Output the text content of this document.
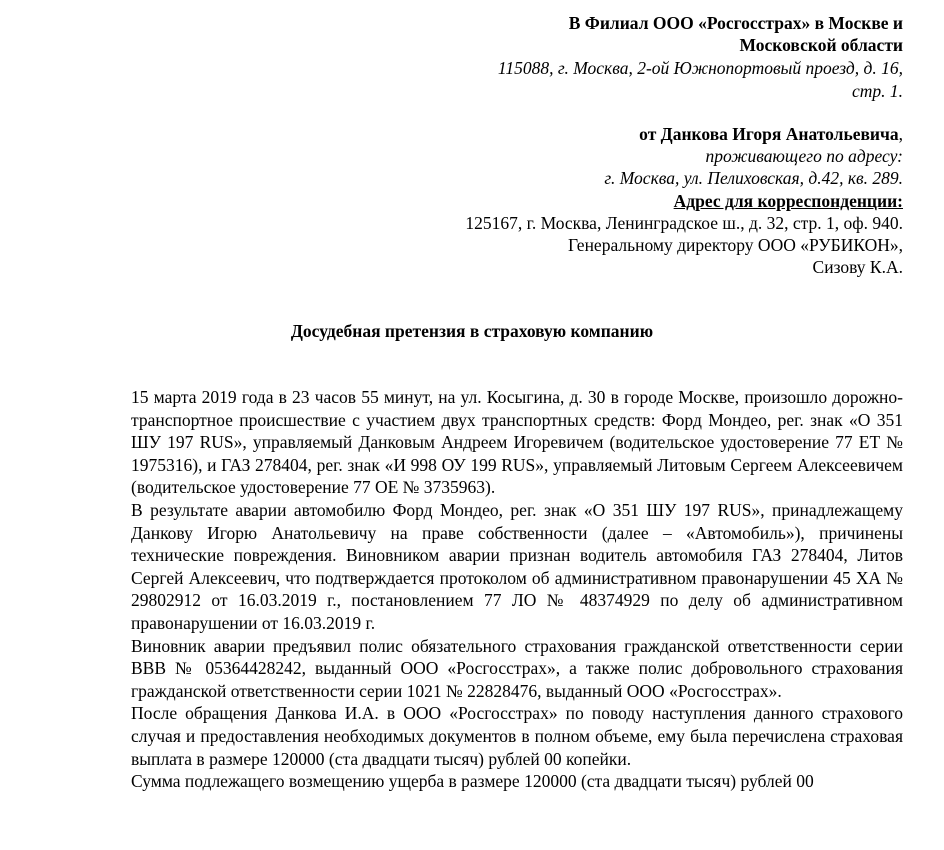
В Филиал ООО «Росгосстрах» в Москве и
Московской области
115088, г. Москва, 2-ой Южнопортовый проезд, д. 16,
стр. 1.
от Данкова Игоря Анатольевича,
проживающего по адресу:
г. Москва, ул. Пелиховская, д.42, кв. 289.
Адрес для корреспонденции:
125167, г. Москва, Ленинградское ш., д. 32, стр. 1, оф. 940.
Генеральному директору ООО «РУБИКОН»,
Сизову К.А.
Досудебная претензия в страховую компанию

15 марта 2019 года в 23 часов 55 минут, на ул. Косыгина, д. 30 в городе Москве, произошло дорожно-транспортное происшествие с участием двух транспортных средств: Форд Мондео, рег. знак «О 351 ШУ 197 RUS», управляемый Данковым Андреем Игоревичем (водительское удостоверение 77 ЕТ № 1975316), и ГАЗ 278404, рег. знак «И 998 ОУ 199 RUS», управляемый Литовым Сергеем Алексеевичем (водительское удостоверение 77 ОЕ № 3735963).

В результате аварии автомобилю Форд Мондео, рег. знак «О 351 ШУ 197 RUS», принадлежащему Данкову Игорю Анатольевичу на праве собственности (далее – «Автомобиль»), причинены технические повреждения. Виновником аварии признан водитель автомобиля ГАЗ 278404, Литов Сергей Алексеевич, что подтверждается протоколом об административном правонарушении 45 ХА № 29802912 от 16.03.2019 г., постановлением 77 ЛО № 48374929 по делу об административном правонарушении от 16.03.2019 г.

Виновник аварии предъявил полис обязательного страхования гражданской ответственности серии ВВВ № 05364428242, выданный ООО «Росгосстрах», а также полис добровольного страхования гражданской ответственности серии 1021 № 22828476, выданный ООО «Росгосстрах».

После обращения Данкова И.А. в ООО «Росгосстрах» по поводу наступления данного страхового случая и предоставления необходимых документов в полном объеме, ему была перечислена страховая выплата в размере 120000 (ста двадцати тысяч) рублей 00 копейки.

Сумма подлежащего возмещению ущерба в размере 120000 (ста двадцати тысяч) рублей 00
